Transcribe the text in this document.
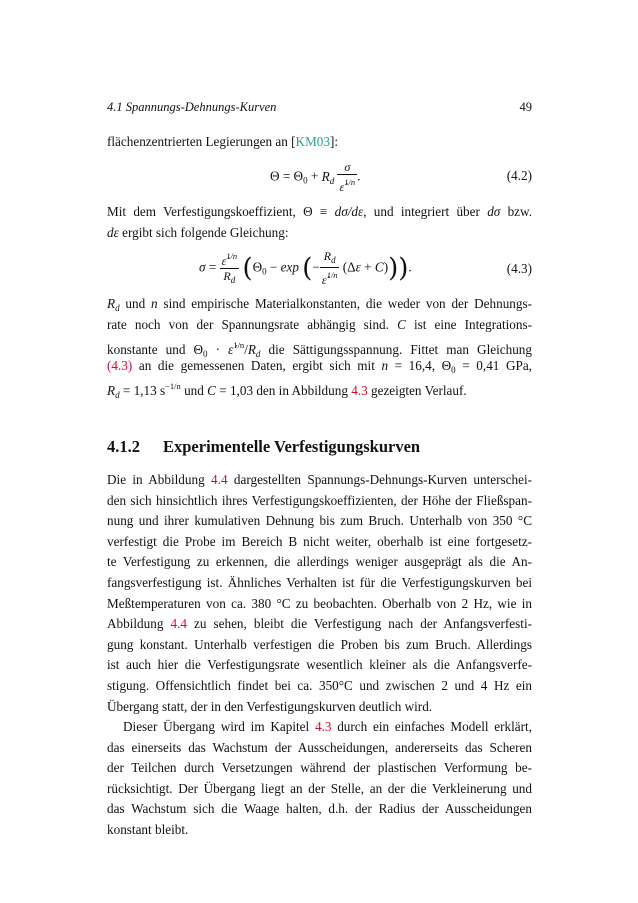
4.1 Spannungs-Dehnungs-Kurven	49
flächenzentrierten Legierungen an [KM03]:
$\Theta = \Theta_0 + R_d \frac{\sigma}{\varepsiloṅ^{1/n}}$ .	(4.2)
Mit dem Verfestigungskoeffizient, Θ ≡ dσ/dε, und integriert über dσ bzw.
dε ergibt sich folgende Gleichung:
$\sigma = \frac{\varepsiloṅ^{1/n}}{R_d} (\Theta_0 - \exp$ (− $\frac{R_d}{\varepsiloṅ^{1/n}} (\Delta\varepsilon + C)$)).	(4.3)
$R_d$ und n sind empirische Materialkonstanten, die weder von der Dehnungs-
rate noch von der Spannungsrate abhängig sind. C ist eine Integrations-
konstante und $\Theta_0$ · $\varepsiloṅ^{1/n}/R_d$ die Sättigungsspannung. Fittet man Gleichung
(4.3) an die gemessenen Daten, ergibt sich mit n = 16,4, $\Theta_0 = 0,41$ GPa,
$R_d = 1,13$ $s^{-1/n}$ und C = 1,03 den in Abbildung 4.3 gezeigten Verlauf.
4.1.2 Experimentelle Verfestigungskurven
Die in Abbildung 4.4 dargestellten Spannungs-Dehnungs-Kurven unterschei-
den sich hinsichtlich ihres Verfestigungskoeffizienten, der Höhe der Fließspan-
nung und ihrer kumulativen Dehnung bis zum Bruch. Unterhalb von 350 °C
verfestigt die Probe im Bereich B nicht weiter, oberhalb ist eine fortgesetz-
te Verfestigung zu erkennen, die allerdings weniger ausgeprägt als die An-
fangsverfestigung ist. Ähnliches Verhalten ist für die Verfestigungskurven bei
Meßtemperaturen von ca. 380 °C zu beobachten. Oberhalb von 2 Hz, wie in
Abbildung 4.4 zu sehen, bleibt die Verfestigung nach der Anfangsverfesti-
gung konstant. Unterhalb verfestigen die Proben bis zum Bruch. Allerdings
ist auch hier die Verfestigungsrate wesentlich kleiner als die Anfangsverfe-
stigung. Offensichtlich findet bei ca. 350°C und zwischen 2 und 4 Hz ein
Übergang statt, der in den Verfestigungskurven deutlich wird.
Dieser Übergang wird im Kapitel 4.3 durch ein einfaches Modell erklärt,
das einerseits das Wachstum der Ausscheidungen, andererseits das Scheren
der Teilchen durch Versetzungen während der plastischen Verformung be-
rücksichtigt. Der Übergang liegt an der Stelle, an der die Verkleinerung und
das Wachstum sich die Waage halten, d.h. der Radius der Ausscheidungen
konstant bleibt.
